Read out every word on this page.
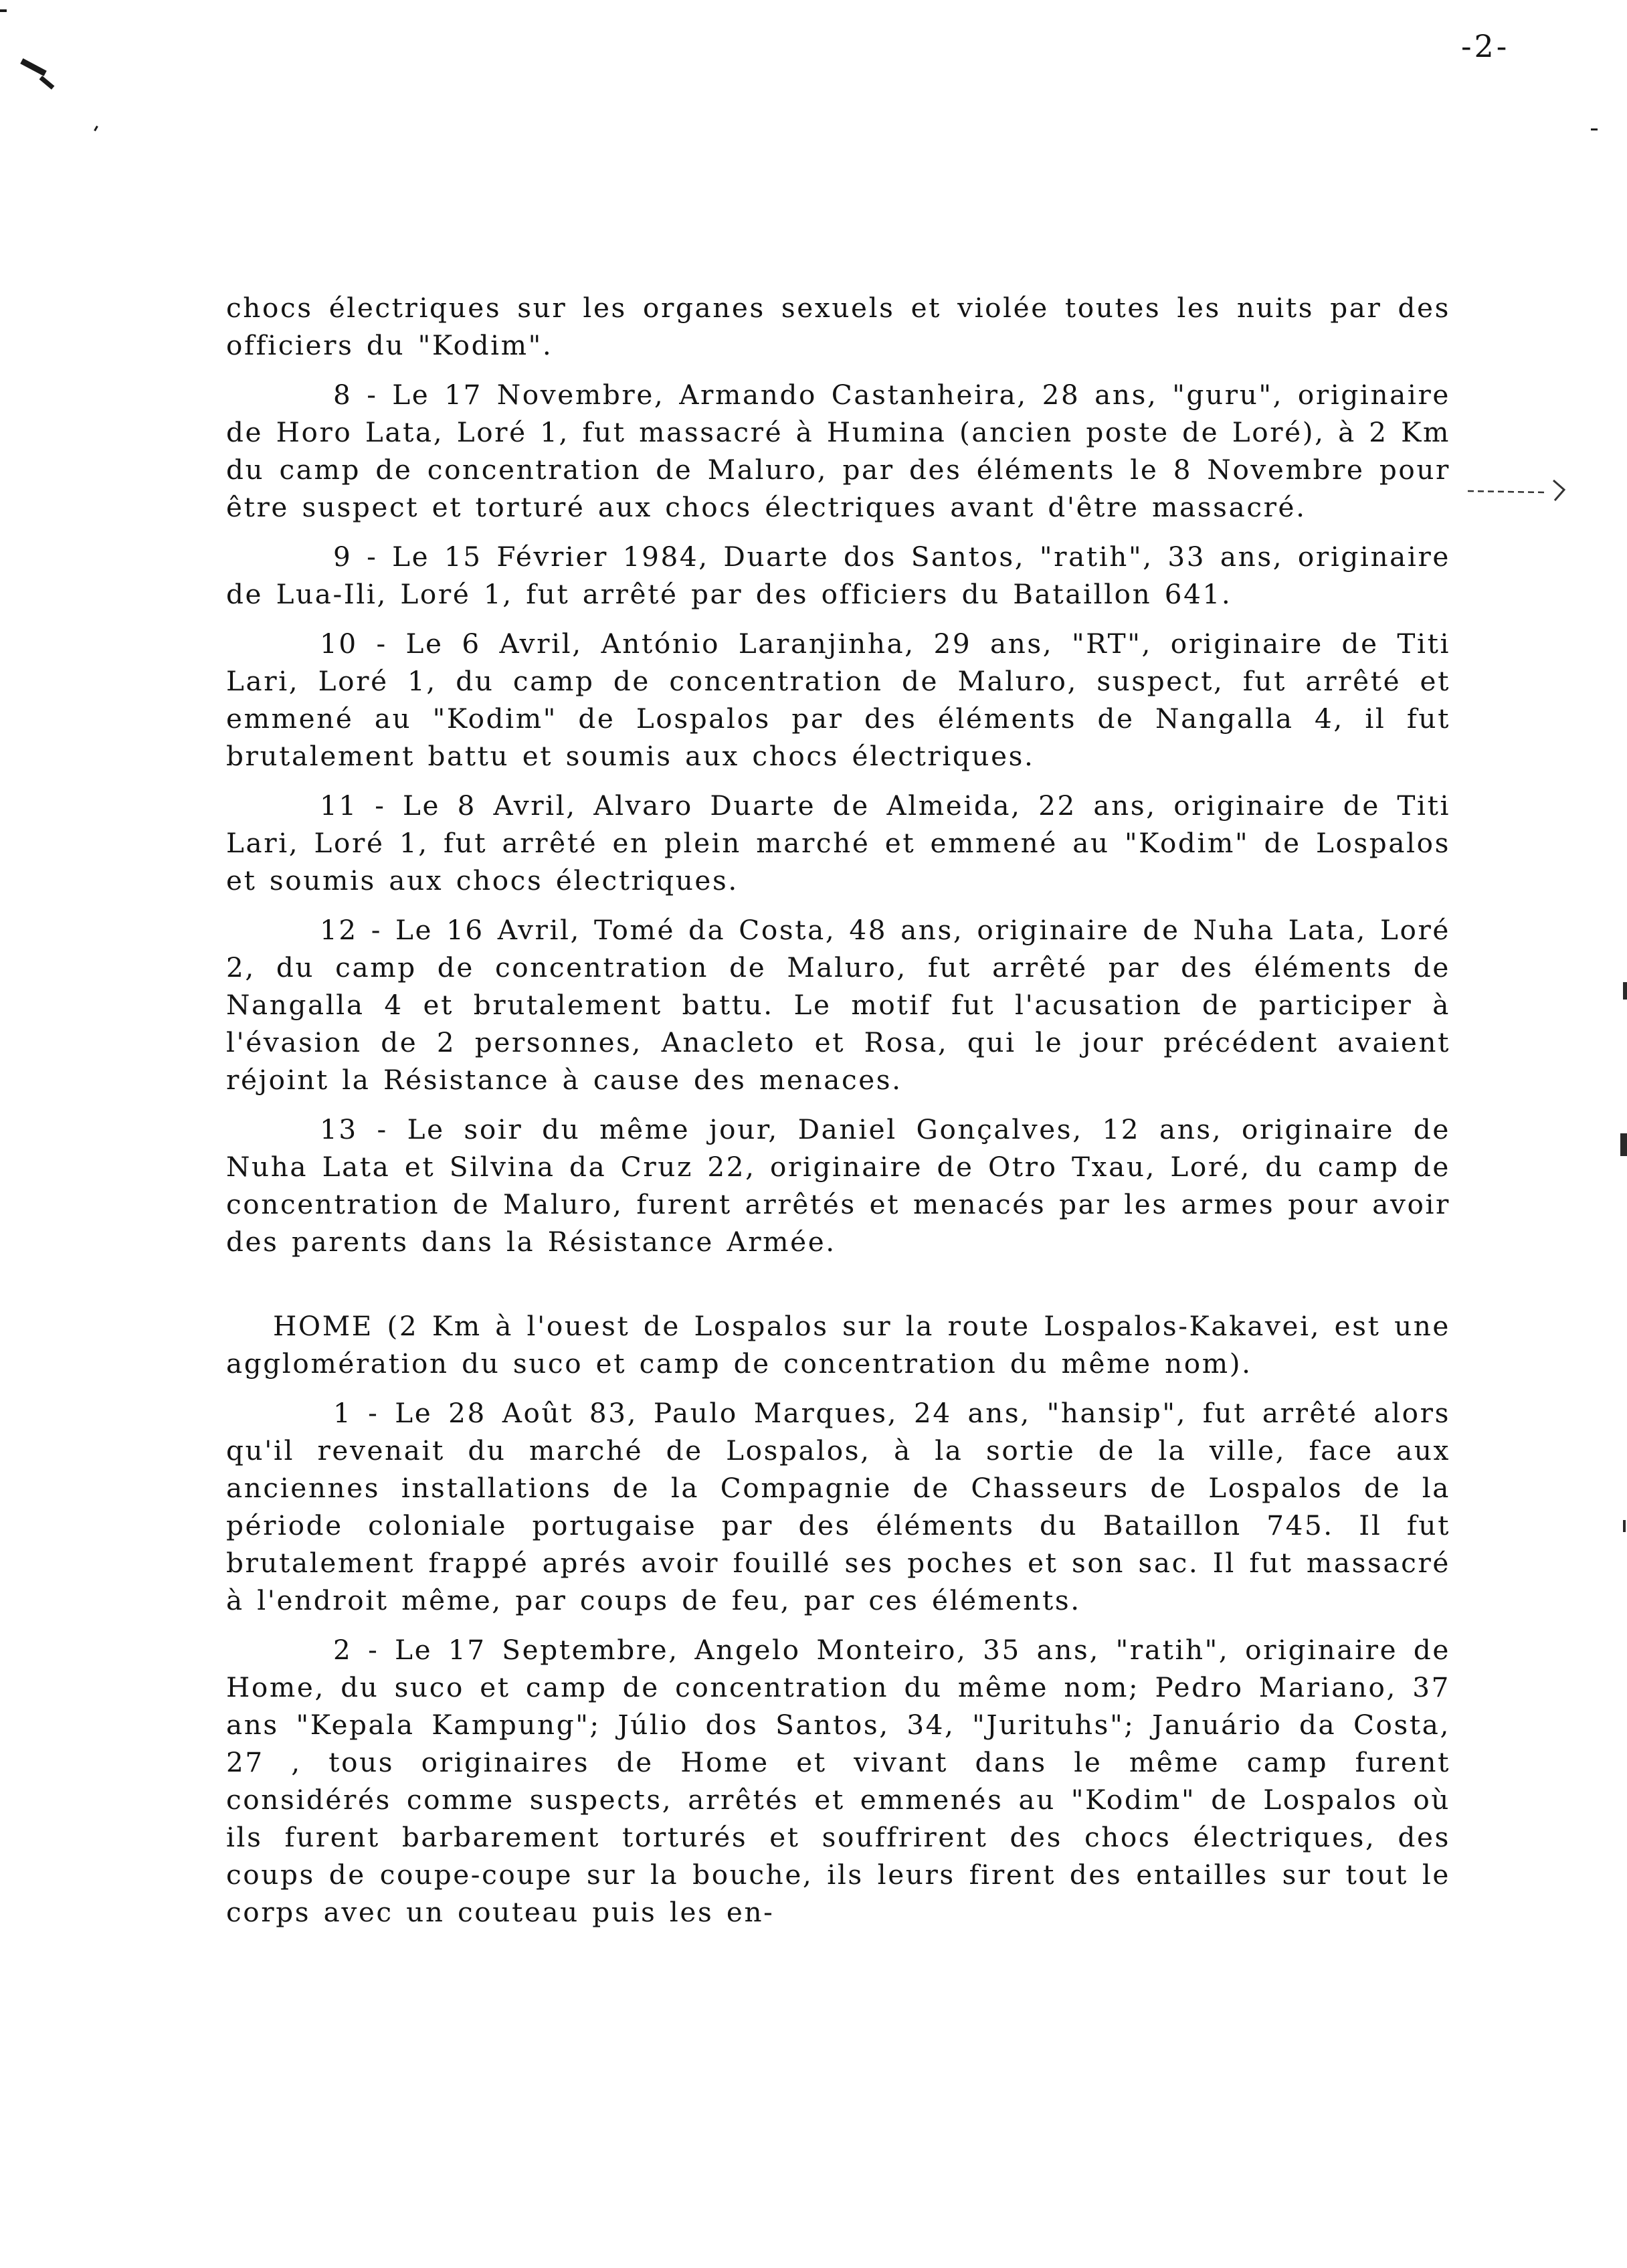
-2-

chocs électriques sur les organes sexuels et violée toutes les nuits par des officiers du "Kodim".

8 - Le 17 Novembre, Armando Castanheira, 28 ans, "guru", originaire de Horo Lata, Loré 1, fut massacré à Humina (ancien poste de Loré), à 2 Km du camp de concentration de Maluro, par des éléments le 8 Novembre pour être suspect et torturé aux chocs électriques avant d'être massacré.

9 - Le 15 Février 1984, Duarte dos Santos, "ratih", 33 ans, originaire de Lua-Ili, Loré 1, fut arrêté par des officiers du Bataillon 641.

10 - Le 6 Avril, António Laranjinha, 29 ans, "RT", originaire de Titi Lari, Loré 1, du camp de concentration de Maluro, suspect, fut arrêté et emmené au "Kodim" de Lospalos par des éléments de Nangalla 4, il fut brutalement battu et soumis aux chocs électriques.

11 - Le 8 Avril, Alvaro Duarte de Almeida, 22 ans, originaire de Titi Lari, Loré 1, fut arrêté en plein marché et emmené au "Kodim" de Lospalos et soumis aux chocs électriques.

12 - Le 16 Avril, Tomé da Costa, 48 ans, originaire de Nuha Lata, Loré 2, du camp de concentration de Maluro, fut arrêté par des éléments de Nangalla 4 et brutalement battu. Le motif fut l'acusation de participer à l'évasion de 2 personnes, Anacleto et Rosa, qui le jour précédent avaient réjoint la Résistance à cause des menaces.

13 - Le soir du même jour, Daniel Gonçalves, 12 ans, originaire de Nuha Lata et Silvina da Cruz 22, originaire de Otro Txau, Loré, du camp de concentration de Maluro, furent arrêtés et menacés par les armes pour avoir des parents dans la Résistance Armée.

HOME (2 Km à l'ouest de Lospalos sur la route Lospalos-Kakavei, est une agglomération du suco et camp de concentration du même nom).

1 - Le 28 Août 83, Paulo Marques, 24 ans, "hansip", fut arrêté alors qu'il revenait du marché de Lospalos, à la sortie de la ville, face aux anciennes installations de la Compagnie de Chasseurs de Lospalos de la période coloniale portugaise par des éléments du Bataillon 745. Il fut brutalement frappé aprés avoir fouillé ses poches et son sac. Il fut massacré à l'endroit même, par coups de feu, par ces éléments.

2 - Le 17 Septembre, Angelo Monteiro, 35 ans, "ratih", originaire de Home, du suco et camp de concentration du même nom; Pedro Mariano, 37 ans "Kepala Kampung"; Júlio dos Santos, 34, "Jurituhs"; Januário da Costa, 27 , tous originaires de Home et vivant dans le même camp furent considérés comme suspects, arrêtés et emmenés au "Kodim" de Lospalos où ils furent barbarement torturés et souffrirent des chocs électriques, des coups de coupe-coupe sur la bouche, ils leurs firent des entailles sur tout le corps avec un couteau puis les en-
